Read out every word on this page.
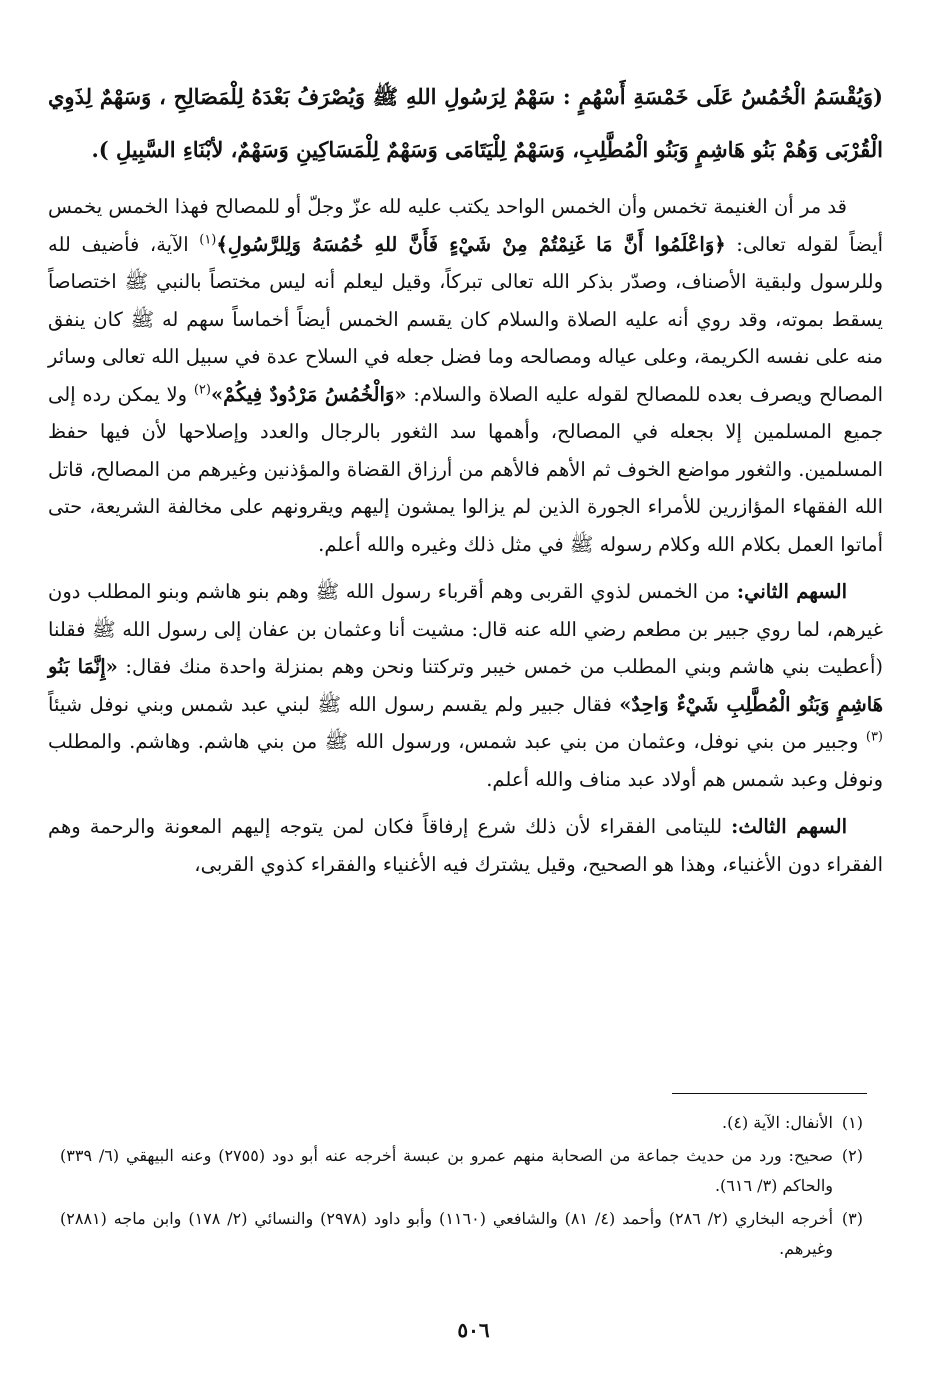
(وَيُقْسَمُ الْخُمُسُ عَلَى خَمْسَةِ أَسْهُمٍ : سَهْمٌ لِرَسُولِ اللهِ ﷺ وَيُصْرَفُ بَعْدَهُ لِلْمَصَالِحِ ، وَسَهْمٌ لِذَوِي الْقُرْبَى وَهُمْ بَنُو هَاشِمٍ وَبَنُو الْمُطَّلِبِ، وَسَهْمٌ لِلْيَتَامَى وَسَهْمٌ لِلْمَسَاكِينِ وَسَهْمٌ، لأبْنَاءِ السَّبِيلِ ).

قد مر أن الغنيمة تخمس وأن الخمس الواحد يكتب عليه لله عزّ وجلّ أو للمصالح فهذا الخمس يخمس أيضاً لقوله تعالى: ﴿وَاعْلَمُوا أَنَّ مَا غَنِمْتُمْ مِنْ شَيْءٍ فَأَنَّ للهِ خُمُسَهُ وَلِلرَّسُولِ﴾$^{(١)}$ الآية، فأضيف لله وللرسول ولبقية الأصناف، وصدّر بذكر الله تعالى تبركاً، وقيل ليعلم أنه ليس مختصاً بالنبي ﷺ اختصاصاً يسقط بموته، وقد روي أنه عليه الصلاة والسلام كان يقسم الخمس أيضاً أخماساً سهم له ﷺ كان ينفق منه على نفسه الكريمة، وعلى عياله ومصالحه وما فضل جعله في السلاح عدة في سبيل الله تعالى وسائر المصالح ويصرف بعده للمصالح لقوله عليه الصلاة والسلام: «وَالْخُمُسُ مَرْدُودٌ فِيكُمْ»$^{(٢)}$ ولا يمكن رده إلى جميع المسلمين إلا بجعله في المصالح، وأهمها سد الثغور بالرجال والعدد وإصلاحها لأن فيها حفظ المسلمين. والثغور مواضع الخوف ثم الأهم فالأهم من أرزاق القضاة والمؤذنين وغيرهم من المصالح، قاتل الله الفقهاء المؤازرين للأمراء الجورة الذين لم يزالوا يمشون إليهم ويقرونهم على مخالفة الشريعة، حتى أماتوا العمل بكلام الله وكلام رسوله ﷺ في مثل ذلك وغيره والله أعلم.

السهم الثاني: من الخمس لذوي القربى وهم أقرباء رسول الله ﷺ وهم بنو هاشم وبنو المطلب دون غيرهم، لما روي جبير بن مطعم رضي الله عنه قال: مشيت أنا وعثمان بن عفان إلى رسول الله ﷺ فقلنا (أعطيت بني هاشم وبني المطلب من خمس خيبر وتركتنا ونحن وهم بمنزلة واحدة منك فقال: «إِنَّمَا بَنُو هَاشِمٍ وَبَنُو الْمُطَّلِبِ شَيْءٌ وَاحِدٌ» فقال جبير ولم يقسم رسول الله ﷺ لبني عبد شمس وبني نوفل شيئاً $^{(٣)}$ وجبير من بني نوفل، وعثمان من بني عبد شمس، ورسول الله ﷺ من بني هاشم. وهاشم. والمطلب ونوفل وعبد شمس هم أولاد عبد مناف والله أعلم.

السهم الثالث: لليتامى الفقراء لأن ذلك شرع إرفاقاً فكان لمن يتوجه إليهم المعونة والرحمة وهم الفقراء دون الأغنياء، وهذا هو الصحيح، وقيل يشترك فيه الأغنياء والفقراء كذوي القربى،

(١)
الأنفال: الآية (٤).
(٢)
صحيح: ورد من حديث جماعة من الصحابة منهم عمرو بن عبسة أخرجه عنه أبو دود (٢٧٥٥) وعنه البيهقي (٦/ ٣٣٩) والحاكم (٣/ ٦١٦).
(٣)
أخرجه البخاري (٢/ ٢٨٦) وأحمد (٤/ ٨١) والشافعي (١١٦٠) وأبو داود (٢٩٧٨) والنسائي (٢/ ١٧٨) وابن ماجه (٢٨٨١) وغيرهم.
٥٠٦
